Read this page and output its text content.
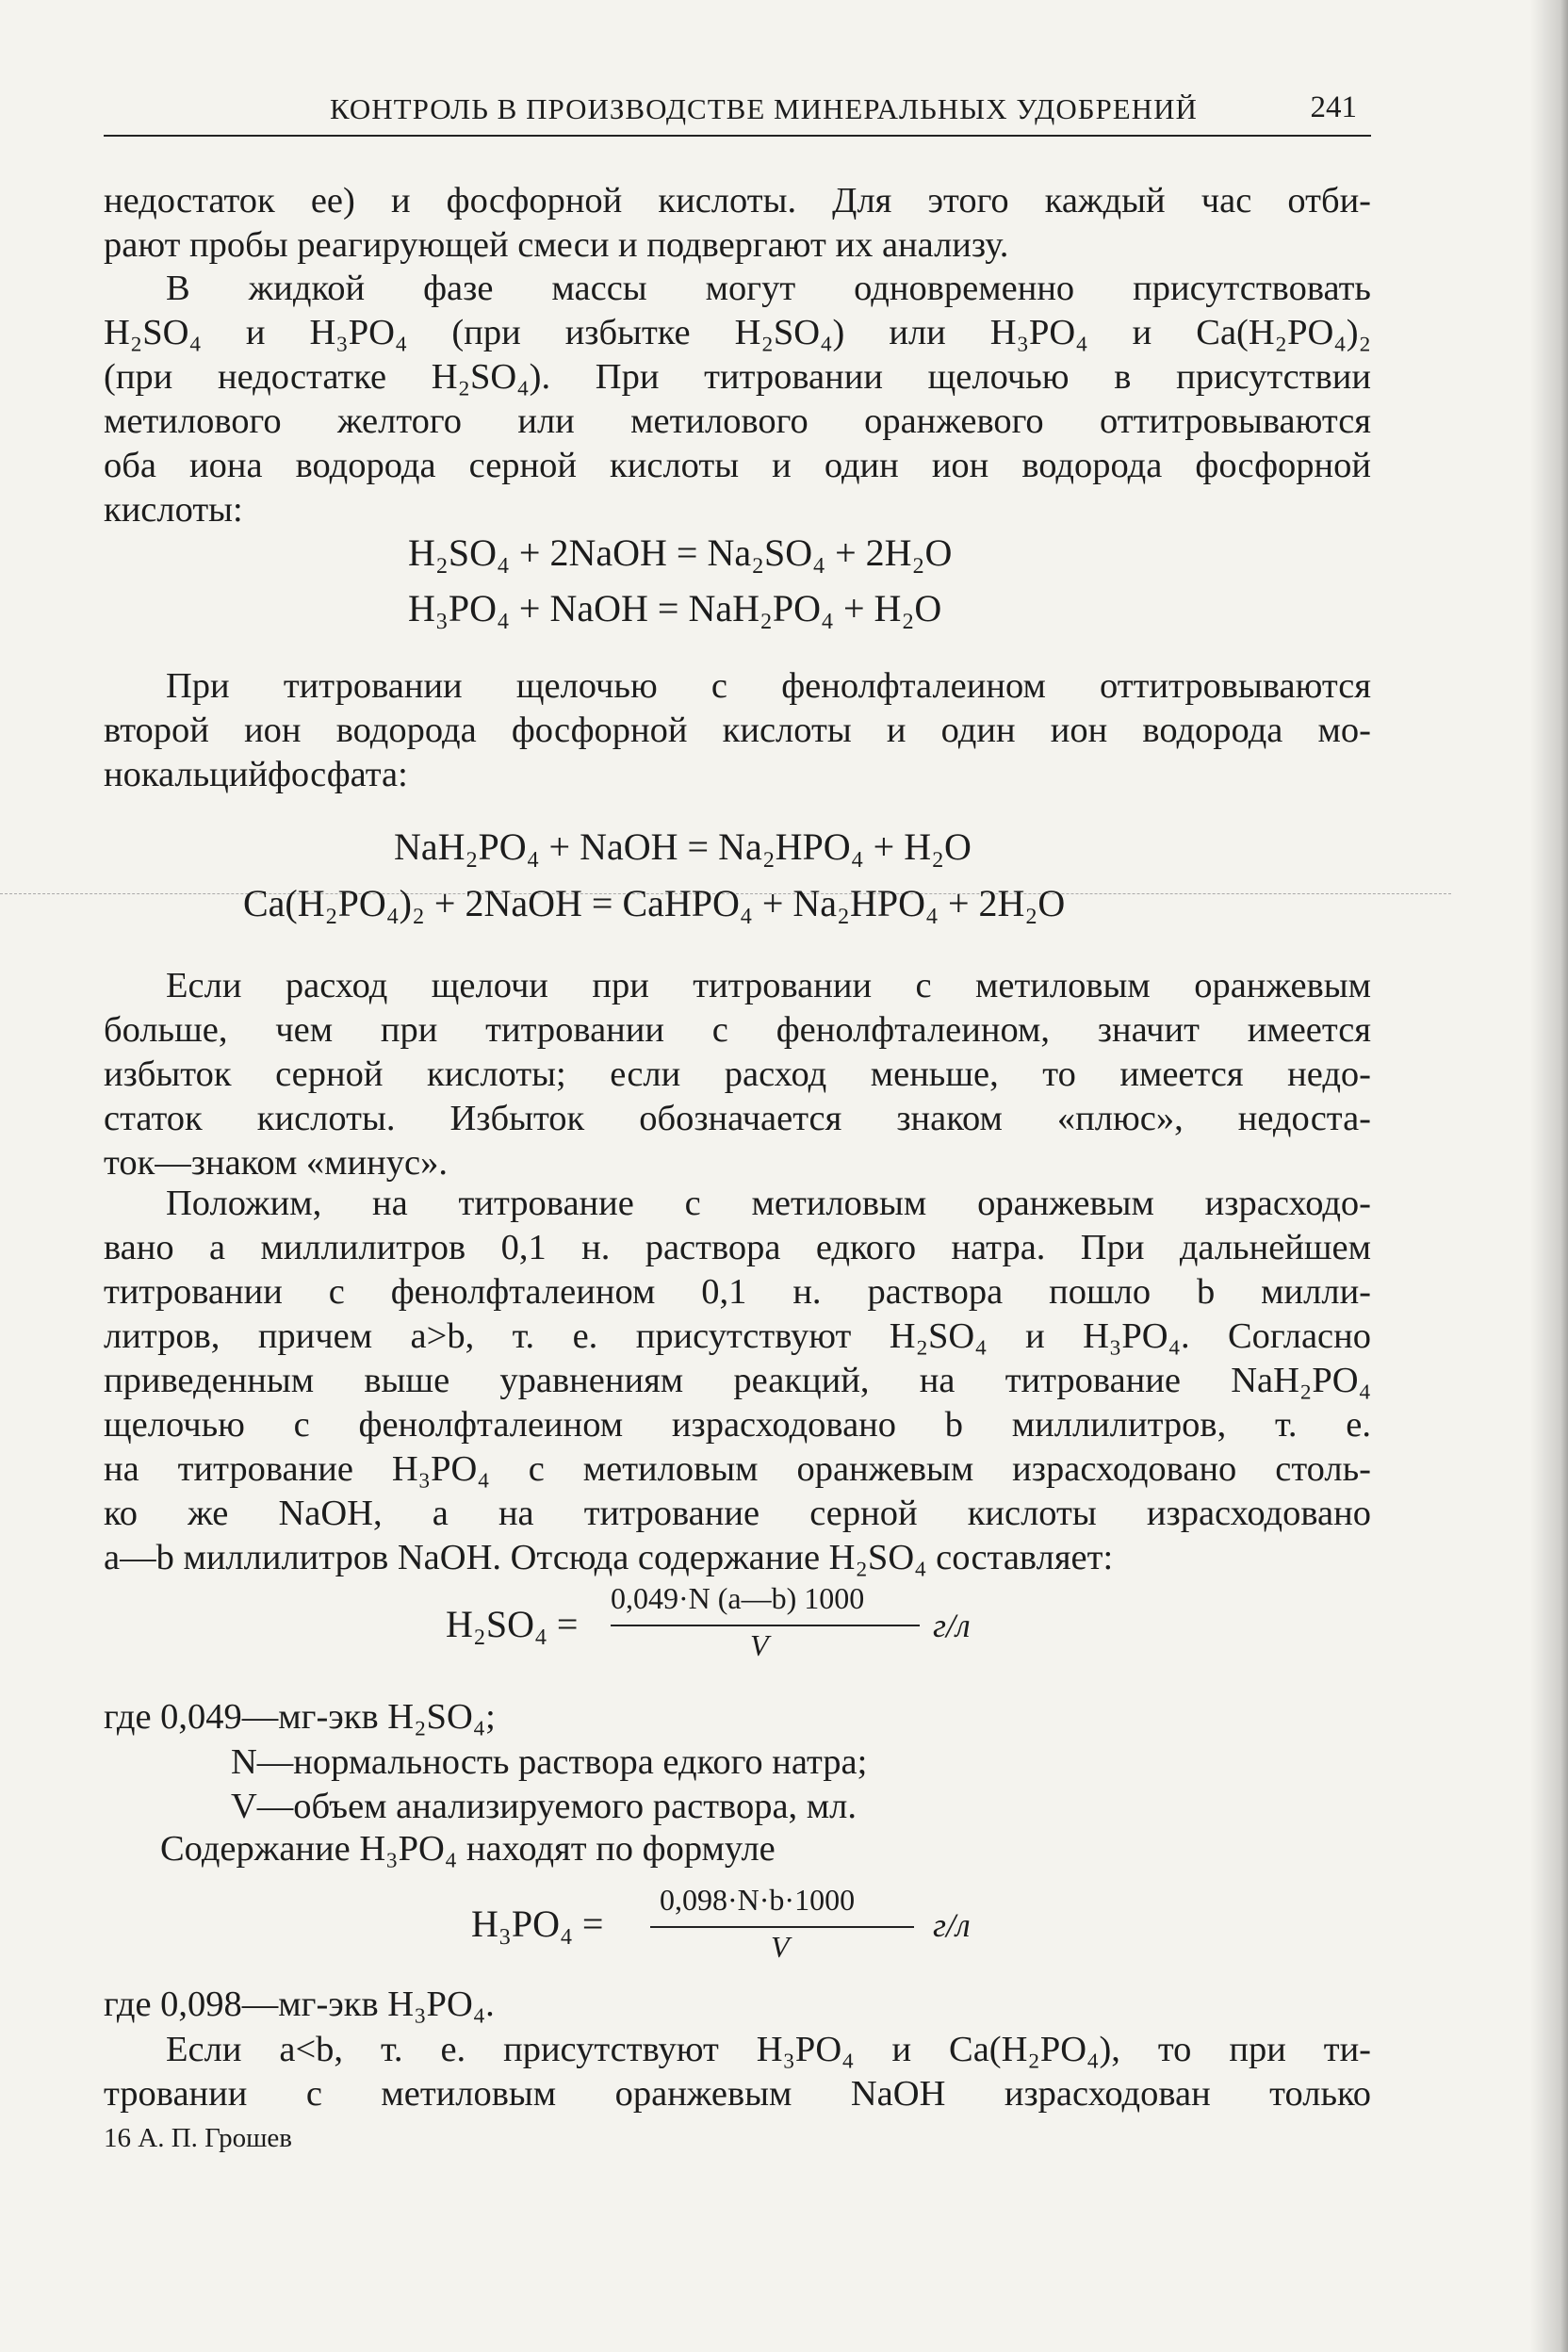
КОНТРОЛЬ В ПРОИЗВОДСТВЕ МИНЕРАЛЬНЫХ УДОБРЕНИЙ	241
недостаток ее) и фосфорной кислоты. Для этого каждый час отби-
рают пробы реагирующей смеси и подвергают их анализу.
В жидкой фазе массы могут одновременно присутствовать
H₂SO₄ и H₃PO₄ (при избытке H₂SO₄) или H₃PO₄ и Ca(H₂PO₄)₂
(при недостатке H₂SO₄). При титровании щелочью в присутствии
метилового желтого или метилового оранжевого оттитровываются
оба иона водорода серной кислоты и один ион водорода фосфорной
кислоты:
H₂SO₄ + 2NaOH = Na₂SO₄ + 2H₂O
H₃PO₄ + NaOH = NaH₂PO₄ + H₂O
При титровании щелочью с фенолфталеином оттитровываются
второй ион водорода фосфорной кислоты и один ион водорода мо-
нокальцийфосфата:
NaH₂PO₄ + NaOH = Na₂HPO₄ + H₂O
Ca(H₂PO₄)₂ + 2NaOH = CaHPO₄ + Na₂HPO₄ + 2H₂O
Если расход щелочи при титровании с метиловым оранжевым
больше, чем при титровании с фенолфталеином, значит имеется
избыток серной кислоты; если расход меньше, то имеется недо-
статок кислоты. Избыток обозначается знаком «плюс», недоста-
ток—знаком «минус».
Положим, на титрование с метиловым оранжевым израсходо-
вано a миллилитров 0,1 н. раствора едкого натра. При дальнейшем
титровании с фенолфталеином 0,1 н. раствора пошло b милли-
литров, причем a>b, т. е. присутствуют H₂SO₄ и H₃PO₄. Согласно
приведенным выше уравнениям реакций, на титрование NaH₂PO₄
щелочью с фенолфталеином израсходовано b миллилитров, т. е.
на титрование H₃PO₄ с метиловым оранжевым израсходовано столь-
ко же NaOH, а на титрование серной кислоты израсходовано
a—b миллилитров NaOH. Отсюда содержание H₂SO₄ составляет:
H₂SO₄ =
0,049·N (a—b) 1000
V
г/л
где 0,049—мг-экв H₂SO₄;
N—нормальность раствора едкого натра;
V—объем анализируемого раствора, мл.
Содержание H₃PO₄ находят по формуле
H₃PO₄ =
0,098·N·b·1000
V
г/л
где 0,098—мг-экв H₃PO₄.
Если a<b, т. е. присутствуют H₃PO₄ и Ca(H₂PO₄), то при ти-
тровании с метиловым оранжевым NaOH израсходован только
16 А. П. Грошев
